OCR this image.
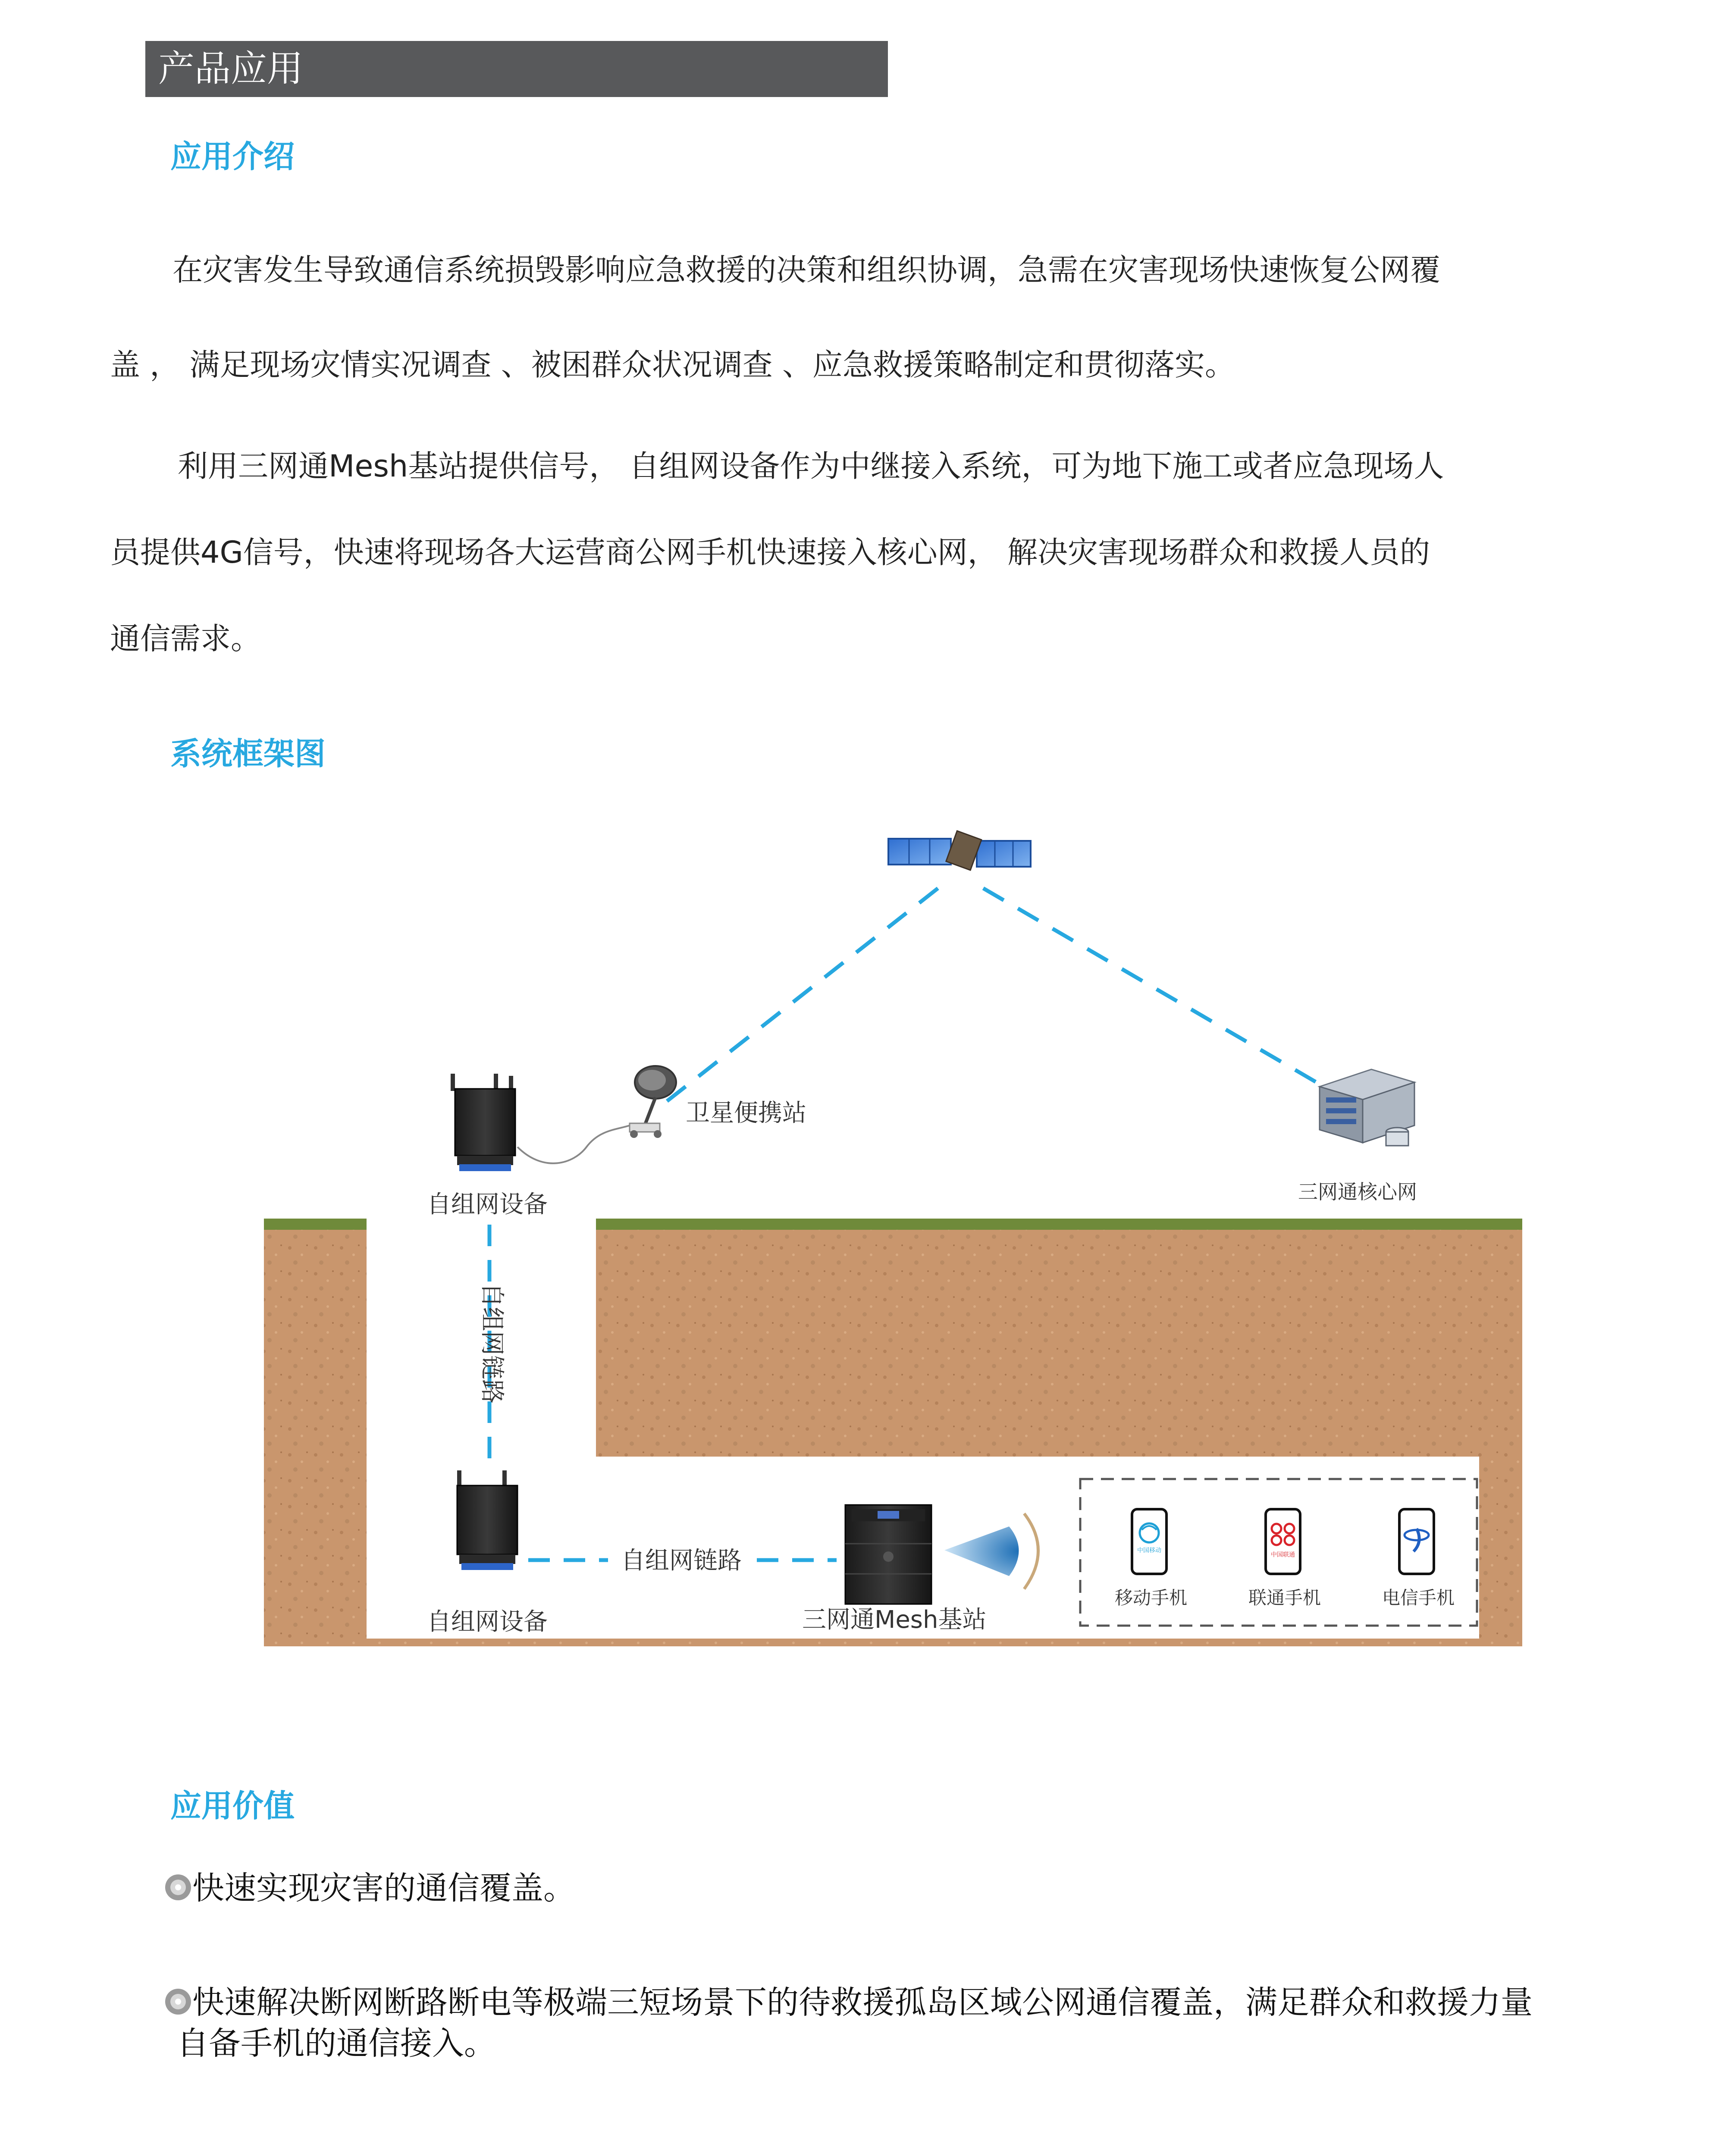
产品应用
应用介绍
在灾害发生导致通信系统损毁影响应急救援的决策和组织协调，急需在灾害现场快速恢复公网覆
盖 ， 满足现场灾情实况调查 、被困群众状况调查 、应急救援策略制定和贯彻落实。
利用三网通Mesh基站提供信号， 自组网设备作为中继接入系统，可为地下施工或者应急现场人
员提供4G信号，快速将现场各大运营商公网手机快速接入核心网， 解决灾害现场群众和救援人员的
通信需求。
系统框架图
卫星便携站
三网通核心网
自组网设备
自组网链路
自组网设备
自组网链路
三网通Mesh基站
中国移动
移动手机
中国联通
联通手机	电信手机
应用价值
快速实现灾害的通信覆盖。
快速解决断网断路断电等极端三短场景下的待救援孤岛区域公网通信覆盖，满足群众和救援力量
自备手机的通信接入。
